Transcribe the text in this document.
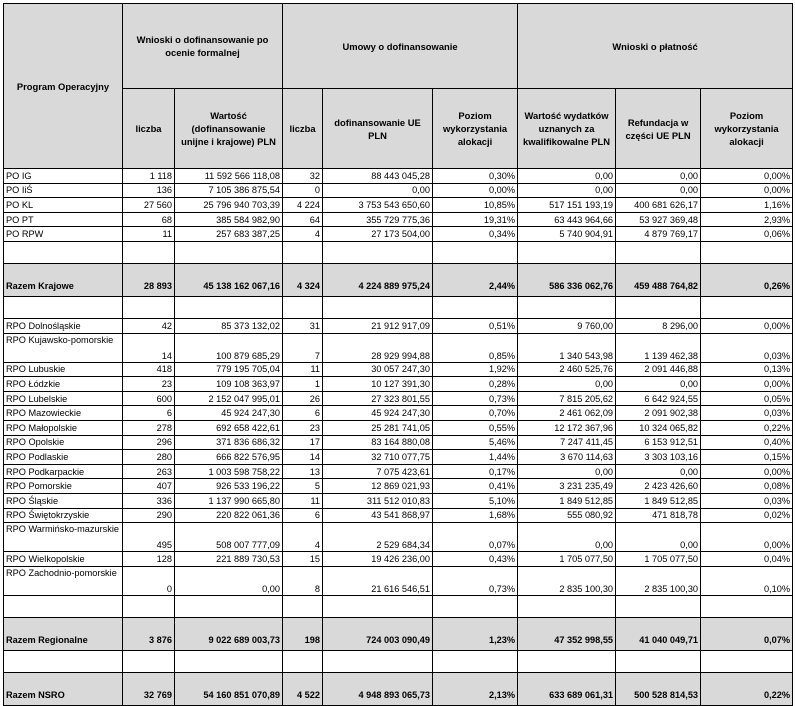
Program Operacyjny	Wnioski o dofinansowanie po ocenie formalnej		Umowy o dofinansowanie			Wnioski o płatność		
	liczba	Wartość (dofinansowanie unijne i krajowe) PLN	liczba	dofinansowanie UE PLN	Poziom wykorzystania alokacji	Wartość wydatków uznanych za kwalifikowalne PLN	Refundacja w części UE PLN	Poziom wykorzystania alokacji
PO IG	1 118	11 592 566 118,08	32	88 443 045,28	0,30%	0,00	0,00	0,00%
PO IiŚ	136	7 105 386 875,54	0	0,00	0,00%	0,00	0,00	0,00%
PO KL	27 560	25 796 940 703,39	4 224	3 753 543 650,60	10,85%	517 151 193,19	400 681 626,17	1,16%
PO PT	68	385 584 982,90	64	355 729 775,36	19,31%	63 443 964,66	53 927 369,48	2,93%
PO RPW	11	257 683 387,25	4	27 173 504,00	0,34%	5 740 904,91	4 879 769,17	0,06%

Razem Krajowe	28 893	45 138 162 067,16	4 324	4 224 889 975,24	2,44%	586 336 062,76	459 488 764,82	0,26%

RPO Dolnośląskie	42	85 373 132,02	31	21 912 917,09	0,51%	9 760,00	8 296,00	0,00%
RPO Kujawsko-pomorskie	14	100 879 685,29	7	28 929 994,88	0,85%	1 340 543,98	1 139 462,38	0,03%
RPO Lubuskie	418	779 195 705,04	11	30 057 247,30	1,92%	2 460 525,76	2 091 446,88	0,13%
RPO Łódzkie	23	109 108 363,97	1	10 127 391,30	0,28%	0,00	0,00	0,00%
RPO Lubelskie	600	2 152 047 995,01	26	27 323 801,55	0,73%	7 815 205,62	6 642 924,55	0,05%
RPO Mazowieckie	6	45 924 247,30	6	45 924 247,30	0,70%	2 461 062,09	2 091 902,38	0,03%
RPO Małopolskie	278	692 658 422,61	23	25 281 741,05	0,55%	12 172 367,96	10 324 065,82	0,22%
RPO Opolskie	296	371 836 686,32	17	83 164 880,08	5,46%	7 247 411,45	6 153 912,51	0,40%
RPO Podlaskie	280	666 822 576,95	14	32 710 077,75	1,44%	3 670 114,63	3 303 103,16	0,15%
RPO Podkarpackie	263	1 003 598 758,22	13	7 075 423,61	0,17%	0,00	0,00	0,00%
RPO Pomorskie	407	926 533 196,22	5	12 869 021,93	0,41%	3 231 235,49	2 423 426,60	0,08%
RPO Śląskie	336	1 137 990 665,80	11	311 512 010,83	5,10%	1 849 512,85	1 849 512,85	0,03%
RPO Świętokrzyskie	290	220 822 061,36	6	43 541 868,97	1,68%	555 080,92	471 818,78	0,02%
RPO Warmińsko-mazurskie	495	508 007 777,09	4	2 529 684,34	0,07%	0,00	0,00	0,00%
RPO Wielkopolskie	128	221 889 730,53	15	19 426 236,00	0,43%	1 705 077,50	1 705 077,50	0,04%
RPO Zachodnio-pomorskie	0	0,00	8	21 616 546,51	0,73%	2 835 100,30	2 835 100,30	0,10%

Razem Regionalne	3 876	9 022 689 003,73	198	724 003 090,49	1,23%	47 352 998,55	41 040 049,71	0,07%

Razem NSRO	32 769	54 160 851 070,89	4 522	4 948 893 065,73	2,13%	633 689 061,31	500 528 814,53	0,22%
